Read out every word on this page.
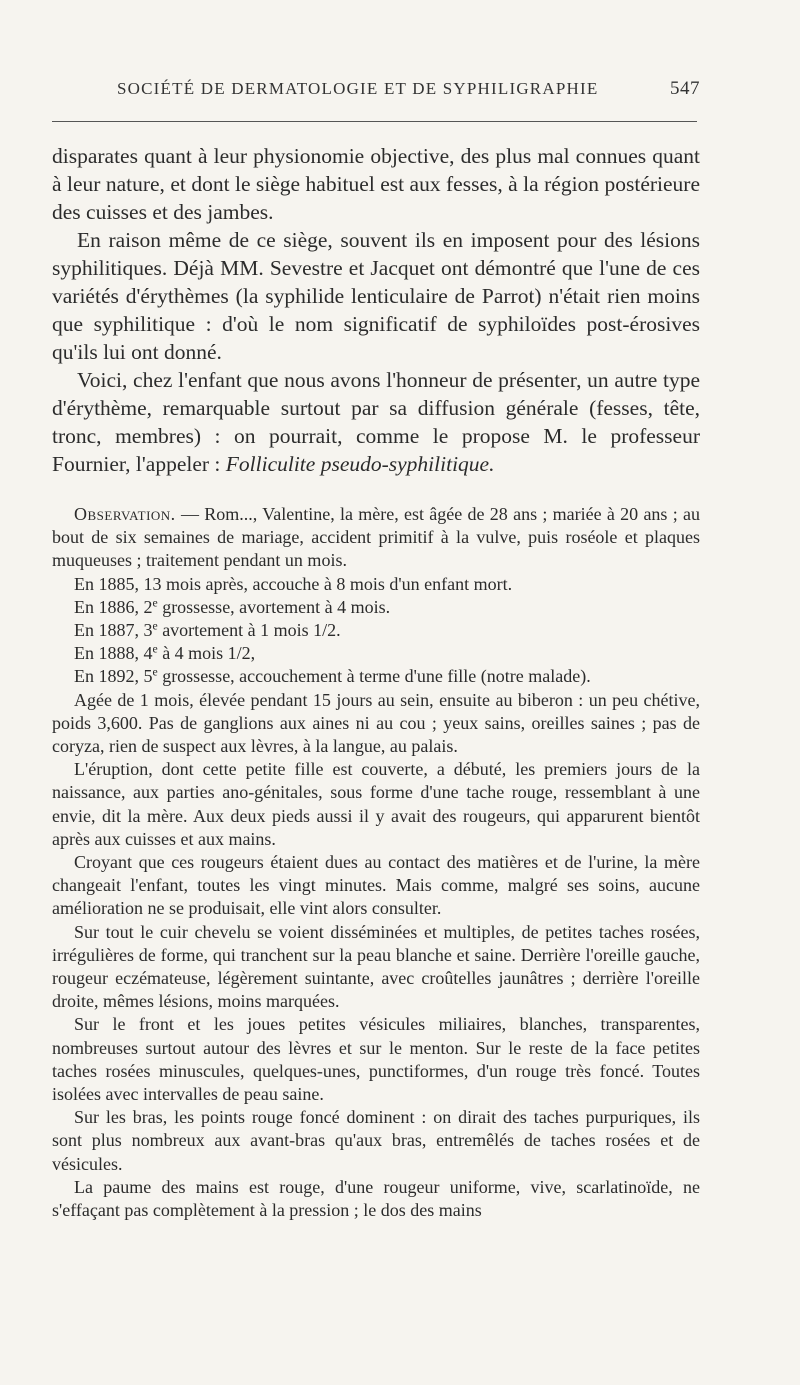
SOCIÉTÉ DE DERMATOLOGIE ET DE SYPHILIGRAPHIE	547

disparates quant à leur physionomie objective, des plus mal connues quant à leur nature, et dont le siège habituel est aux fesses, à la région postérieure des cuisses et des jambes.

En raison même de ce siège, souvent ils en imposent pour des lésions syphilitiques. Déjà MM. Sevestre et Jacquet ont démontré que l'une de ces variétés d'érythèmes (la syphilide lenticulaire de Parrot) n'était rien moins que syphilitique : d'où le nom significatif de syphiloïdes post-érosives qu'ils lui ont donné.

Voici, chez l'enfant que nous avons l'honneur de présenter, un autre type d'érythème, remarquable surtout par sa diffusion générale (fesses, tête, tronc, membres) : on pourrait, comme le propose M. le professeur Fournier, l'appeler : Folliculite pseudo-syphilitique.

Observation. — Rom..., Valentine, la mère, est âgée de 28 ans ; mariée à 20 ans ; au bout de six semaines de mariage, accident primitif à la vulve, puis roséole et plaques muqueuses ; traitement pendant un mois.

En 1885, 13 mois après, accouche à 8 mois d'un enfant mort.

En 1886, 2e grossesse, avortement à 4 mois.

En 1887, 3e avortement à 1 mois 1/2.

En 1888, 4e à 4 mois 1/2,

En 1892, 5e grossesse, accouchement à terme d'une fille (notre malade).

Agée de 1 mois, élevée pendant 15 jours au sein, ensuite au biberon : un peu chétive, poids 3,600. Pas de ganglions aux aines ni au cou ; yeux sains, oreilles saines ; pas de coryza, rien de suspect aux lèvres, à la langue, au palais.

L'éruption, dont cette petite fille est couverte, a débuté, les premiers jours de la naissance, aux parties ano-génitales, sous forme d'une tache rouge, ressemblant à une envie, dit la mère. Aux deux pieds aussi il y avait des rougeurs, qui apparurent bientôt après aux cuisses et aux mains.

Croyant que ces rougeurs étaient dues au contact des matières et de l'urine, la mère changeait l'enfant, toutes les vingt minutes. Mais comme, malgré ses soins, aucune amélioration ne se produisait, elle vint alors consulter.

Sur tout le cuir chevelu se voient disséminées et multiples, de petites taches rosées, irrégulières de forme, qui tranchent sur la peau blanche et saine. Derrière l'oreille gauche, rougeur eczémateuse, légèrement suintante, avec croûtelles jaunâtres ; derrière l'oreille droite, mêmes lésions, moins marquées.

Sur le front et les joues petites vésicules miliaires, blanches, transparentes, nombreuses surtout autour des lèvres et sur le menton. Sur le reste de la face petites taches rosées minuscules, quelques-unes, punctiformes, d'un rouge très foncé. Toutes isolées avec intervalles de peau saine.

Sur les bras, les points rouge foncé dominent : on dirait des taches purpuriques, ils sont plus nombreux aux avant-bras qu'aux bras, entremêlés de taches rosées et de vésicules.

La paume des mains est rouge, d'une rougeur uniforme, vive, scarlatinoïde, ne s'effaçant pas complètement à la pression ; le dos des mains
